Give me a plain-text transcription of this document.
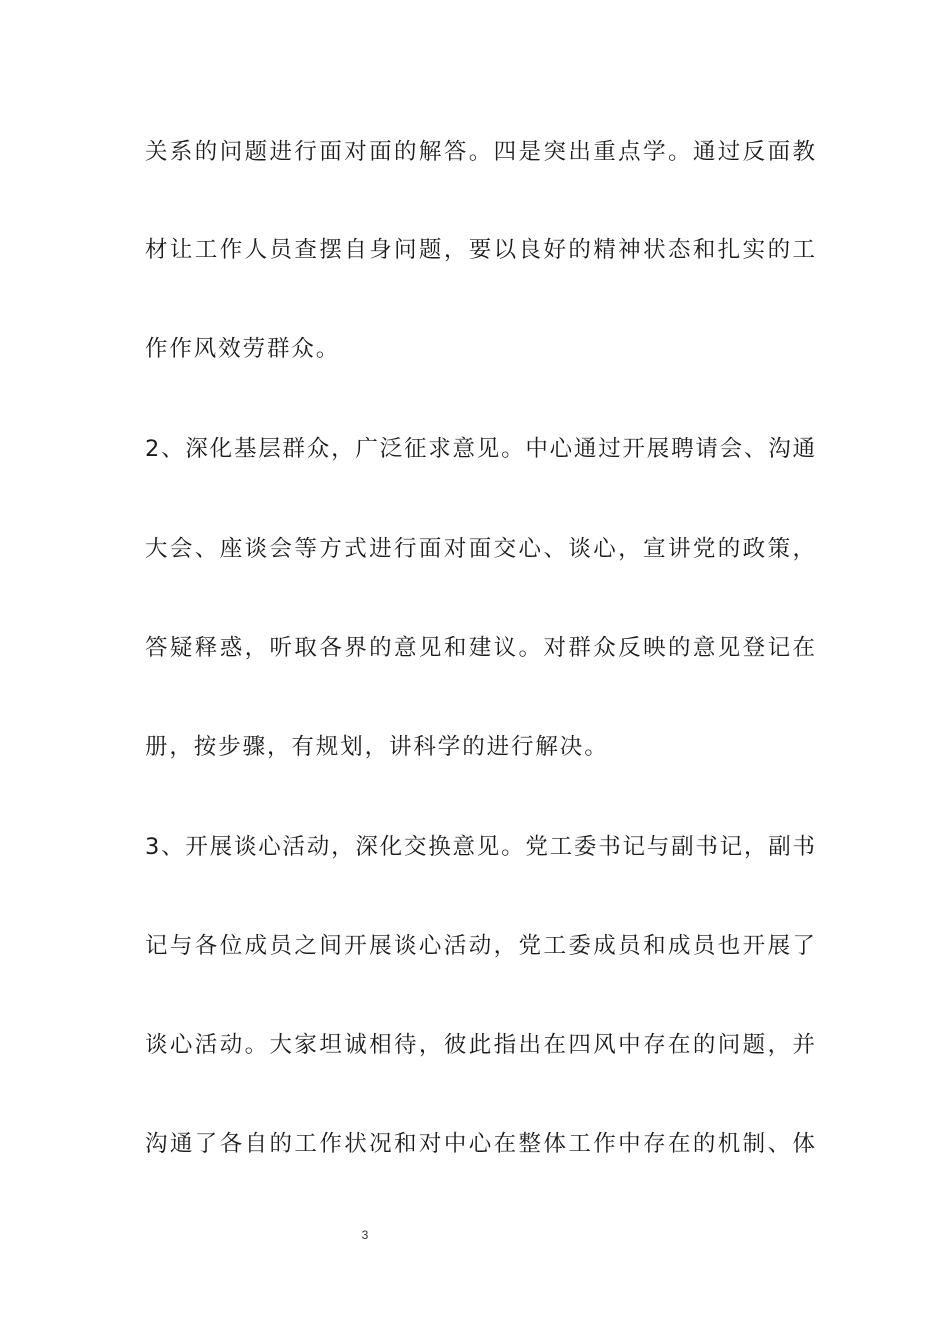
关系的问题进行面对面的解答。四是突出重点学。通过反面教
材让工作人员查摆自身问题，要以良好的精神状态和扎实的工
作作风效劳群众。
2、深化基层群众，广泛征求意见。中心通过开展聘请会、沟通
大会、座谈会等方式进行面对面交心、谈心，宣讲党的政策，
答疑释惑，听取各界的意见和建议。对群众反映的意见登记在
册，按步骤，有规划，讲科学的进行解决。
3、开展谈心活动，深化交换意见。党工委书记与副书记，副书
记与各位成员之间开展谈心活动，党工委成员和成员也开展了
谈心活动。大家坦诚相待，彼此指出在四风中存在的问题，并
沟通了各自的工作状况和对中心在整体工作中存在的机制、体
3
